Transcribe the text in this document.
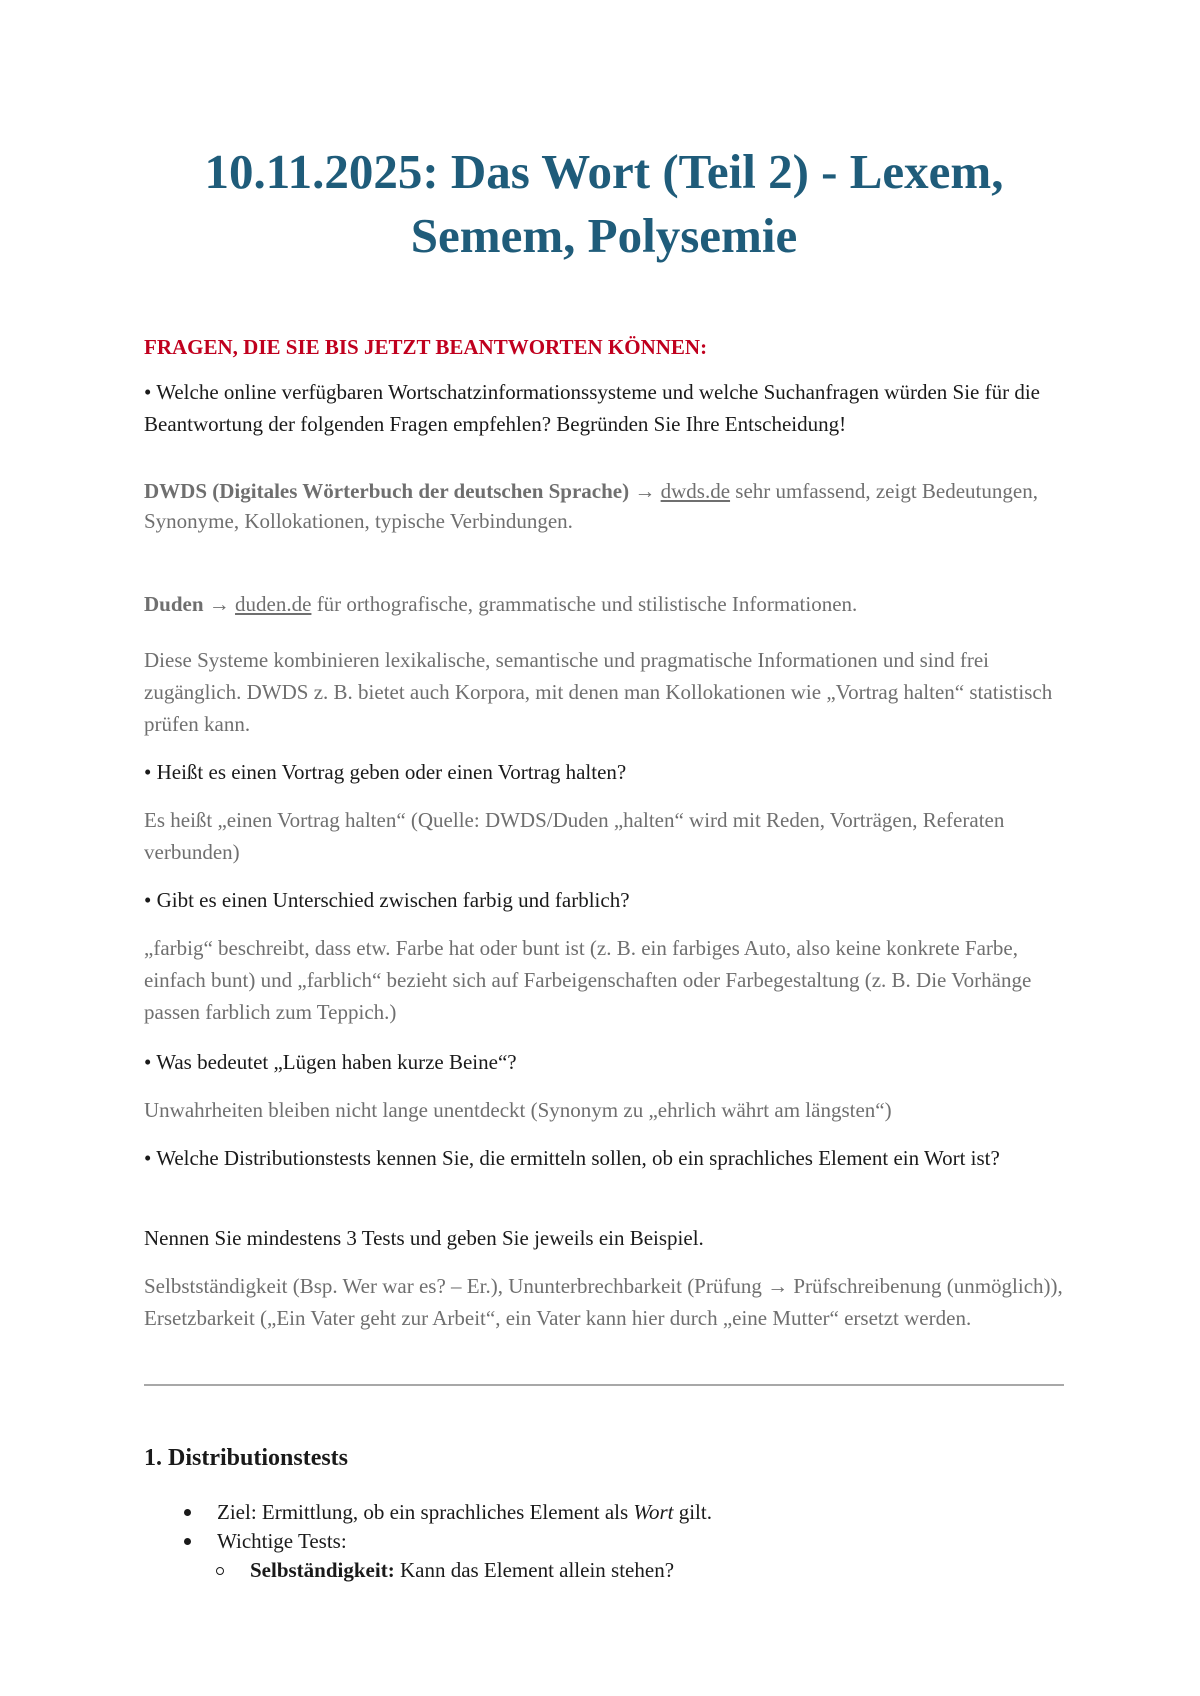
10.11.2025: Das Wort (Teil 2) - Lexem, Semem, Polysemie

FRAGEN, DIE SIE BIS JETZT BEANTWORTEN KÖNNEN:

• Welche online verfügbaren Wortschatzinformationssysteme und welche Suchanfragen würden Sie für die Beantwortung der folgenden Fragen empfehlen? Begründen Sie Ihre Entscheidung!

DWDS (Digitales Wörterbuch der deutschen Sprache) → dwds.de sehr umfassend, zeigt Bedeutungen, Synonyme, Kollokationen, typische Verbindungen.

Duden → duden.de für orthografische, grammatische und stilistische Informationen.

Diese Systeme kombinieren lexikalische, semantische und pragmatische Informationen und sind frei zugänglich. DWDS z. B. bietet auch Korpora, mit denen man Kollokationen wie „Vortrag halten“ statistisch prüfen kann.

• Heißt es einen Vortrag geben oder einen Vortrag halten?

Es heißt „einen Vortrag halten“ (Quelle: DWDS/Duden „halten“ wird mit Reden, Vorträgen, Referaten verbunden)

• Gibt es einen Unterschied zwischen farbig und farblich?

„farbig“ beschreibt, dass etw. Farbe hat oder bunt ist (z. B. ein farbiges Auto, also keine konkrete Farbe, einfach bunt) und „farblich“ bezieht sich auf Farbeigenschaften oder Farbegestaltung (z. B. Die Vorhänge passen farblich zum Teppich.)

• Was bedeutet „Lügen haben kurze Beine“?

Unwahrheiten bleiben nicht lange unentdeckt (Synonym zu „ehrlich währt am längsten“)

• Welche Distributionstests kennen Sie, die ermitteln sollen, ob ein sprachliches Element ein Wort ist?

Nennen Sie mindestens 3 Tests und geben Sie jeweils ein Beispiel.

Selbstständigkeit (Bsp. Wer war es? – Er.), Ununterbrechbarkeit (Prüfung → Prüfschreibenung (unmöglich)), Ersetzbarkeit („Ein Vater geht zur Arbeit“, ein Vater kann hier durch „eine Mutter“ ersetzt werden.

1. Distributionstests
Ziel: Ermittlung, ob ein sprachliches Element als Wort gilt.
Wichtige Tests:
Selbständigkeit: Kann das Element allein stehen?
